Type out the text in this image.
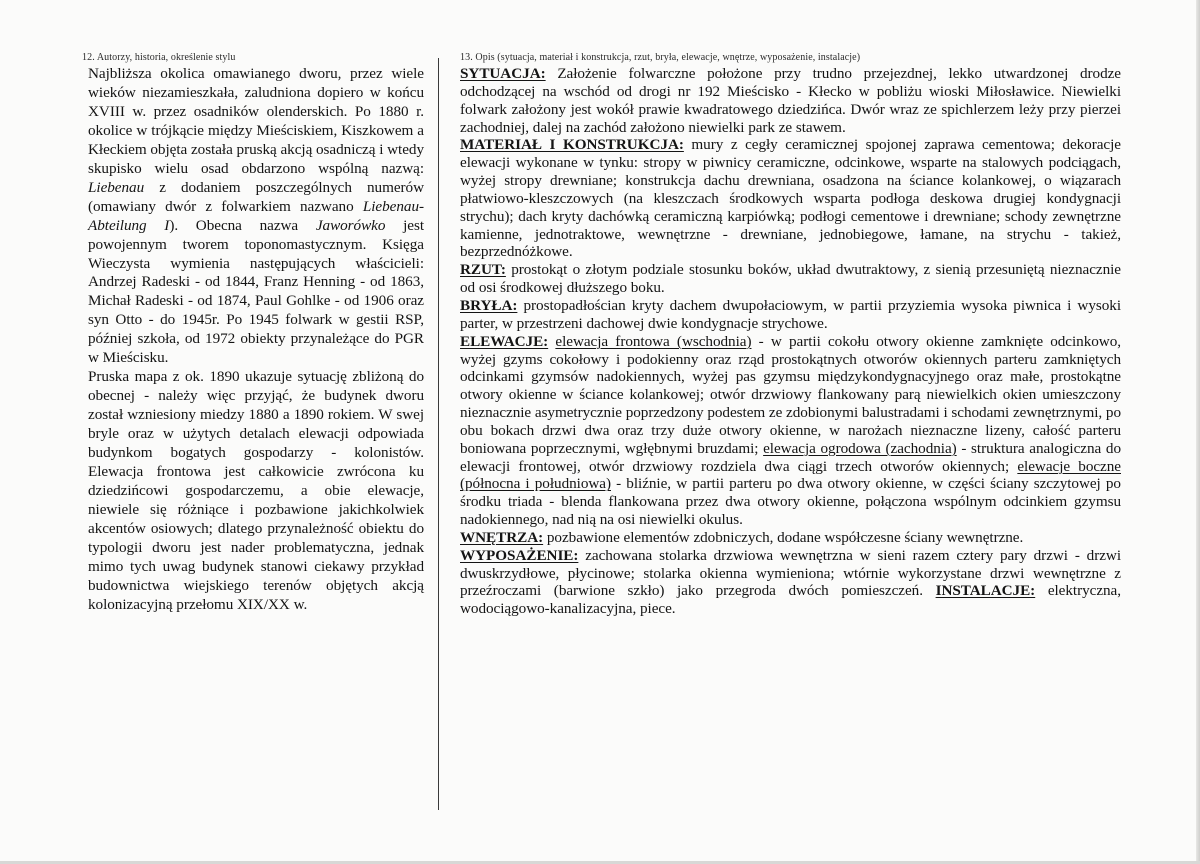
12. Autorzy, historia, określenie stylu

Najbliższa okolica omawianego dworu, przez wiele wieków niezamieszkała, zaludniona dopiero w końcu XVIII w. przez osadników olenderskich. Po 1880 r. okolice w trójkącie między Mieściskiem, Kiszkowem a Kłeckiem objęta została pruską akcją osadniczą i wtedy skupisko wielu osad obdarzono wspólną nazwą: Liebenau z dodaniem poszczególnych numerów (omawiany dwór z folwarkiem nazwano Liebenau-Abteilung I). Obecna nazwa Jaworówko jest powojennym tworem toponomastycznym. Księga Wieczysta wymienia następujących właścicieli: Andrzej Radeski - od 1844, Franz Henning - od 1863, Michał Radeski - od 1874, Paul Gohlke - od 1906 oraz syn Otto - do 1945r. Po 1945 folwark w gestii RSP, później szkoła, od 1972 obiekty przynależące do PGR w Mieścisku.

Pruska mapa z ok. 1890 ukazuje sytuację zbliżoną do obecnej - należy więc przyjąć, że budynek dworu został wzniesiony miedzy 1880 a 1890 rokiem. W swej bryle oraz w użytych detalach elewacji odpowiada budynkom bogatych gospodarzy - kolonistów. Elewacja frontowa jest całkowicie zwrócona ku dziedzińcowi gospodarczemu, a obie elewacje, niewiele się różniące i pozbawione jakichkolwiek akcentów osiowych; dlatego przynależność obiektu do typologii dworu jest nader problematyczna, jednak mimo tych uwag budynek stanowi ciekawy przykład budownictwa wiejskiego terenów objętych akcją kolonizacyjną przełomu XIX/XX w.

13. Opis (sytuacja, materiał i konstrukcja, rzut, bryła, elewacje, wnętrze, wyposażenie, instalacje)

SYTUACJA: Założenie folwarczne położone przy trudno przejezdnej, lekko utwardzonej drodze odchodzącej na wschód od drogi nr 192 Mieścisko - Kłecko w pobliżu wioski Miłosławice. Niewielki folwark założony jest wokół prawie kwadratowego dziedzińca. Dwór wraz ze spichlerzem leży przy pierzei zachodniej, dalej na zachód założono niewielki park ze stawem.

MATERIAŁ I KONSTRUKCJA: mury z cegły ceramicznej spojonej zaprawa cementowa; dekoracje elewacji wykonane w tynku: stropy w piwnicy ceramiczne, odcinkowe, wsparte na stalowych podciągach, wyżej stropy drewniane; konstrukcja dachu drewniana, osadzona na ściance kolankowej, o wiązarach płatwiowo-kleszczowych (na kleszczach środkowych wsparta podłoga deskowa drugiej kondygnacji strychu); dach kryty dachówką ceramiczną karpiówką; podłogi cementowe i drewniane; schody zewnętrzne kamienne, jednotraktowe, wewnętrzne - drewniane, jednobiegowe, łamane, na strychu - takież, bezprzednóżkowe.

RZUT: prostokąt o złotym podziale stosunku boków, układ dwutraktowy, z sienią przesuniętą nieznacznie od osi środkowej dłuższego boku.

BRYŁA: prostopadłościan kryty dachem dwupołaciowym, w partii przyziemia wysoka piwnica i wysoki parter, w przestrzeni dachowej dwie kondygnacje strychowe.

ELEWACJE: elewacja frontowa (wschodnia) - w partii cokołu otwory okienne zamknięte odcinkowo, wyżej gzyms cokołowy i podokienny oraz rząd prostokątnych otworów okiennych parteru zamkniętych odcinkami gzymsów nadokiennych, wyżej pas gzymsu międzykondygnacyjnego oraz małe, prostokątne otwory okienne w ściance kolankowej; otwór drzwiowy flankowany parą niewielkich okien umieszczony nieznacznie asymetrycznie poprzedzony podestem ze zdobionymi balustradami i schodami zewnętrznymi, po obu bokach drzwi dwa oraz trzy duże otwory okienne, w narożach nieznaczne lizeny, całość parteru boniowana poprzecznymi, wgłębnymi bruzdami; elewacja ogrodowa (zachodnia) - struktura analogiczna do elewacji frontowej, otwór drzwiowy rozdziela dwa ciągi trzech otworów okiennych; elewacje boczne (północna i południowa) - bliźnie, w partii parteru po dwa otwory okienne, w części ściany szczytowej po środku triada - blenda flankowana przez dwa otwory okienne, połączona wspólnym odcinkiem gzymsu nadokiennego, nad nią na osi niewielki okulus.

WNĘTRZA: pozbawione elementów zdobniczych, dodane współczesne ściany wewnętrzne.

WYPOSAŻENIE: zachowana stolarka drzwiowa wewnętrzna w sieni razem cztery pary drzwi - drzwi dwuskrzydłowe, płycinowe; stolarka okienna wymieniona; wtórnie wykorzystane drzwi wewnętrzne z przeźroczami (barwione szkło) jako przegroda dwóch pomieszczeń. INSTALACJE: elektryczna, wodociągowo-kanalizacyjna, piece.
